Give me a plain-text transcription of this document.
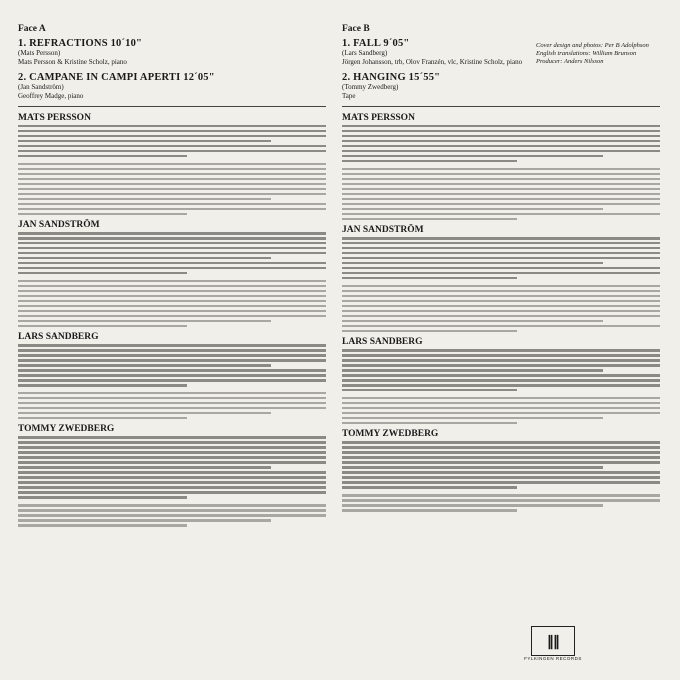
Face A
1. REFRACTIONS 10´10"
(Mats Persson)
Mats Persson & Kristine Scholz, piano
2. CAMPANE IN CAMPI APERTI 12´05"
(Jan Sandström)
Geoffrey Madge, piano
MATS PERSSON
JAN SANDSTRÖM
LARS SANDBERG
TOMMY ZWEDBERG
Face B
1. FALL 9´05"
(Lars Sandberg)
Jörgen Johansson, trb, Olov Franzén, vlc, Kristine Scholz, piano
2. HANGING 15´55"
(Tommy Zwedberg)
Tape
MATS PERSSON
JAN SANDSTRÖM
LARS SANDBERG
TOMMY ZWEDBERG
Cover design and photos: Per B Adolphson
English translations: William Brunson
Producer: Anders Nilsson
∥∥
FYLKINGEN RECORDS
